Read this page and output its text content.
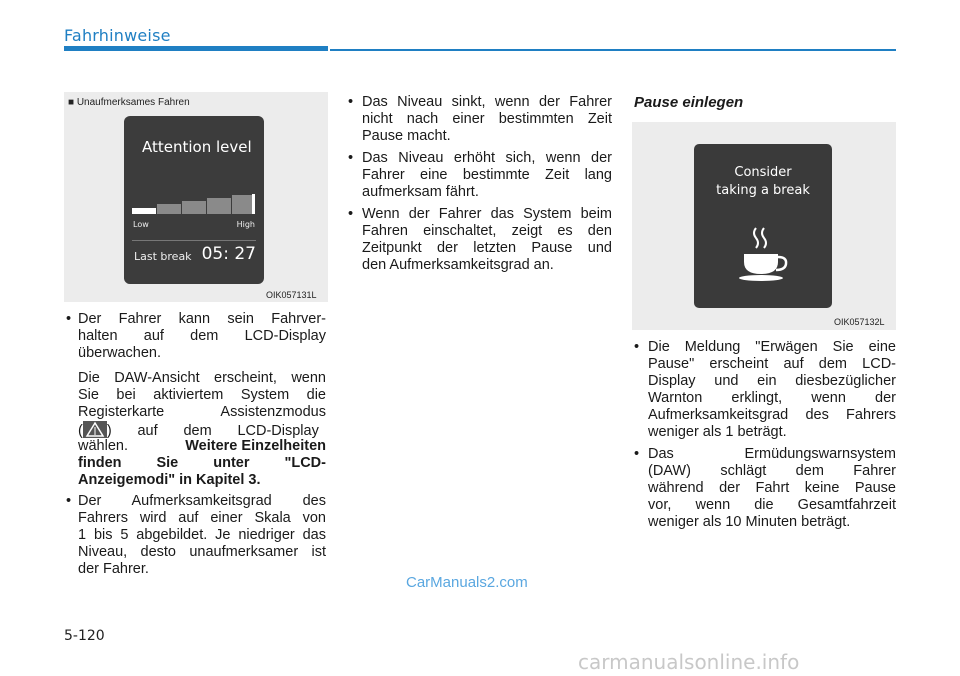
Fahrhinweise
■ Unaufmerksames Fahren
Attention level
Low	High
Last break 05: 27
OIK057131L
• Der Fahrer kann sein Fahrver-
halten auf dem LCD-Display
überwachen.
Die DAW-Ansicht erscheint, wenn
Sie bei aktiviertem System die
Registerkarte Assistenzmodus
( ) auf dem LCD-Display
wählen.	Weitere Einzelheiten
finden Sie unter "LCD-
Anzeigemodi" in Kapitel 3.
• Der Aufmerksamkeitsgrad des
Fahrers wird auf einer Skala von
1 bis 5 abgebildet. Je niedriger das
Niveau, desto unaufmerksamer ist
der Fahrer.
• Das Niveau sinkt, wenn der Fahrer
nicht nach einer bestimmten Zeit
Pause macht.
• Das Niveau erhöht sich, wenn der
Fahrer eine bestimmte Zeit lang
aufmerksam fährt.
• Wenn der Fahrer das System beim
Fahren einschaltet, zeigt es den
Zeitpunkt der letzten Pause und
den Aufmerksamkeitsgrad an.
Pause einlegen
Consider
taking a break
OIK057132L
• Die Meldung "Erwägen Sie eine
Pause" erscheint auf dem LCD-
Display und ein diesbezüglicher
Warnton erklingt, wenn der
Aufmerksamkeitsgrad des Fahrers
weniger als 1 beträgt.
• Das Ermüdungswarnsystem
(DAW) schlägt dem Fahrer
während der Fahrt keine Pause
vor, wenn die Gesamtfahrzeit
weniger als 10 Minuten beträgt.
CarManuals2.com
5-120
carmanualsonline.info
